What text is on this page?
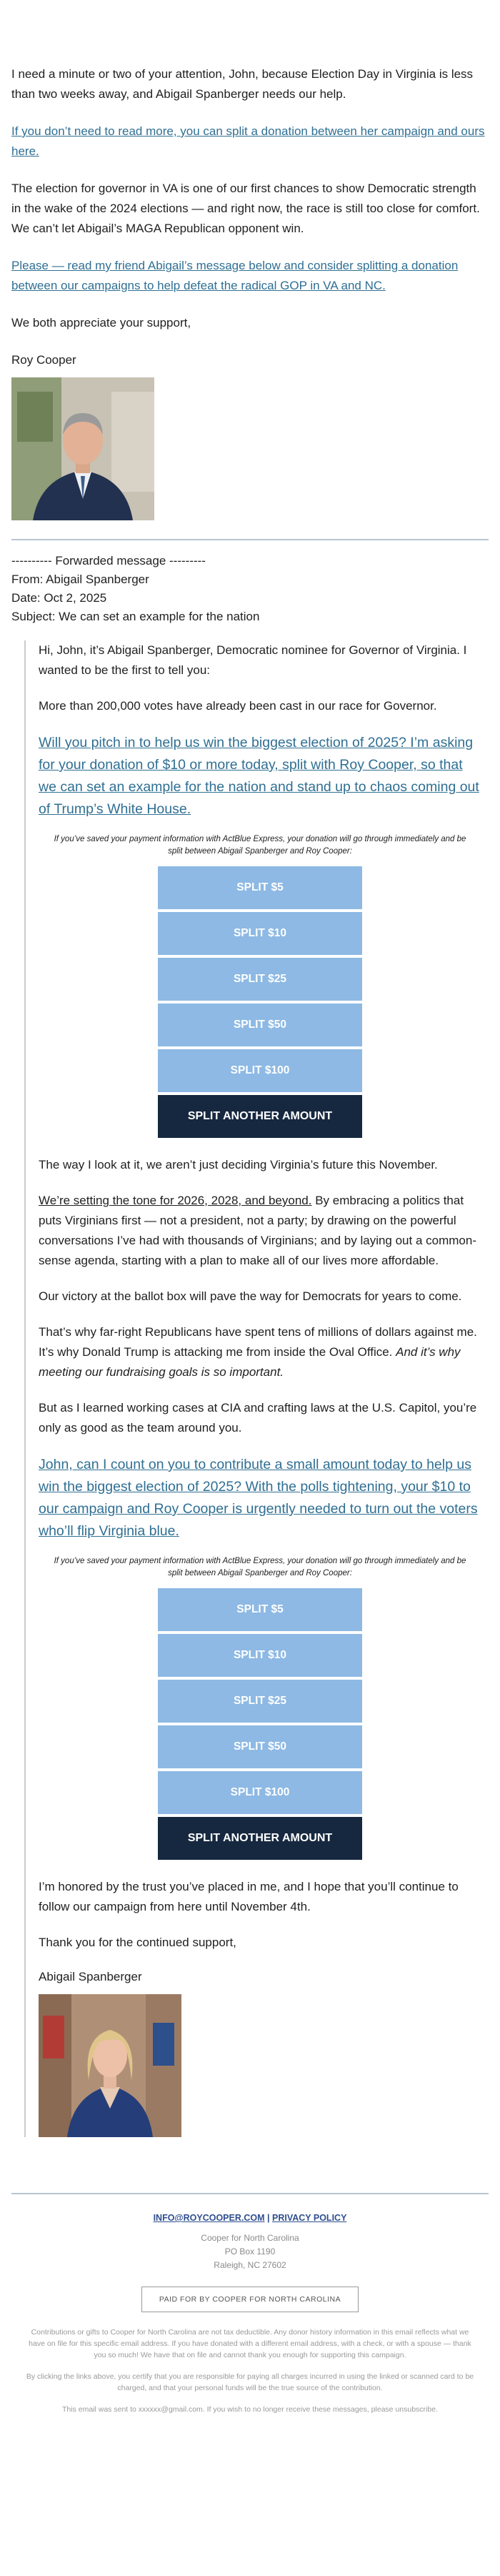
I need a minute or two of your attention, John, because Election Day in Virginia is less than two weeks away, and Abigail Spanberger needs our help.

If you don’t need to read more, you can split a donation between her campaign and ours here.

The election for governor in VA is one of our first chances to show Democratic strength in the wake of the 2024 elections — and right now, the race is still too close for comfort. We can’t let Abigail’s MAGA Republican opponent win.

Please — read my friend Abigail’s message below and consider splitting a donation between our campaigns to help defeat the radical GOP in VA and NC.

We both appreciate your support,

Roy Cooper

---------- Forwarded message ---------

From: Abigail Spanberger

Date: Oct 2, 2025

Subject: We can set an example for the nation

Hi, John, it’s Abigail Spanberger, Democratic nominee for Governor of Virginia. I wanted to be the first to tell you:

More than 200,000 votes have already been cast in our race for Governor.

Will you pitch in to help us win the biggest election of 2025? I’m asking for your donation of $10 or more today, split with Roy Cooper, so that we can set an example for the nation and stand up to chaos coming out of Trump’s White House.

If you’ve saved your payment information with ActBlue Express, your donation will go through immediately and be split between Abigail Spanberger and Roy Cooper:

SPLIT $5
SPLIT $10
SPLIT $25
SPLIT $50
SPLIT $100
SPLIT ANOTHER AMOUNT

The way I look at it, we aren’t just deciding Virginia’s future this November.

We’re setting the tone for 2026, 2028, and beyond. By embracing a politics that puts Virginians first — not a president, not a party; by drawing on the powerful conversations I’ve had with thousands of Virginians; and by laying out a common-sense agenda, starting with a plan to make all of our lives more affordable.

Our victory at the ballot box will pave the way for Democrats for years to come.

That’s why far-right Republicans have spent tens of millions of dollars against me. It’s why Donald Trump is attacking me from inside the Oval Office. And it’s why meeting our fundraising goals is so important.

But as I learned working cases at CIA and crafting laws at the U.S. Capitol, you’re only as good as the team around you.

John, can I count on you to contribute a small amount today to help us win the biggest election of 2025? With the polls tightening, your $10 to our campaign and Roy Cooper is urgently needed to turn out the voters who’ll flip Virginia blue.

If you’ve saved your payment information with ActBlue Express, your donation will go through immediately and be split between Abigail Spanberger and Roy Cooper:

SPLIT $5
SPLIT $10
SPLIT $25
SPLIT $50
SPLIT $100
SPLIT ANOTHER AMOUNT

I’m honored by the trust you’ve placed in me, and I hope that you’ll continue to follow our campaign from here until November 4th.

Thank you for the continued support,

Abigail Spanberger

INFO@ROYCOOPER.COM | PRIVACY POLICY
Cooper for North Carolina
PO Box 1190
Raleigh, NC 27602
PAID FOR BY COOPER FOR NORTH CAROLINA

Contributions or gifts to Cooper for North Carolina are not tax deductible. Any donor history information in this email reflects what we have on file for this specific email address. If you have donated with a different email address, with a check, or with a spouse — thank you so much! We have that on file and cannot thank you enough for supporting this campaign.

By clicking the links above, you certify that you are responsible for paying all charges incurred in using the linked or scanned card to be charged, and that your personal funds will be the true source of the contribution.

This email was sent to xxxxxx@gmail.com. If you wish to no longer receive these messages, please unsubscribe.
